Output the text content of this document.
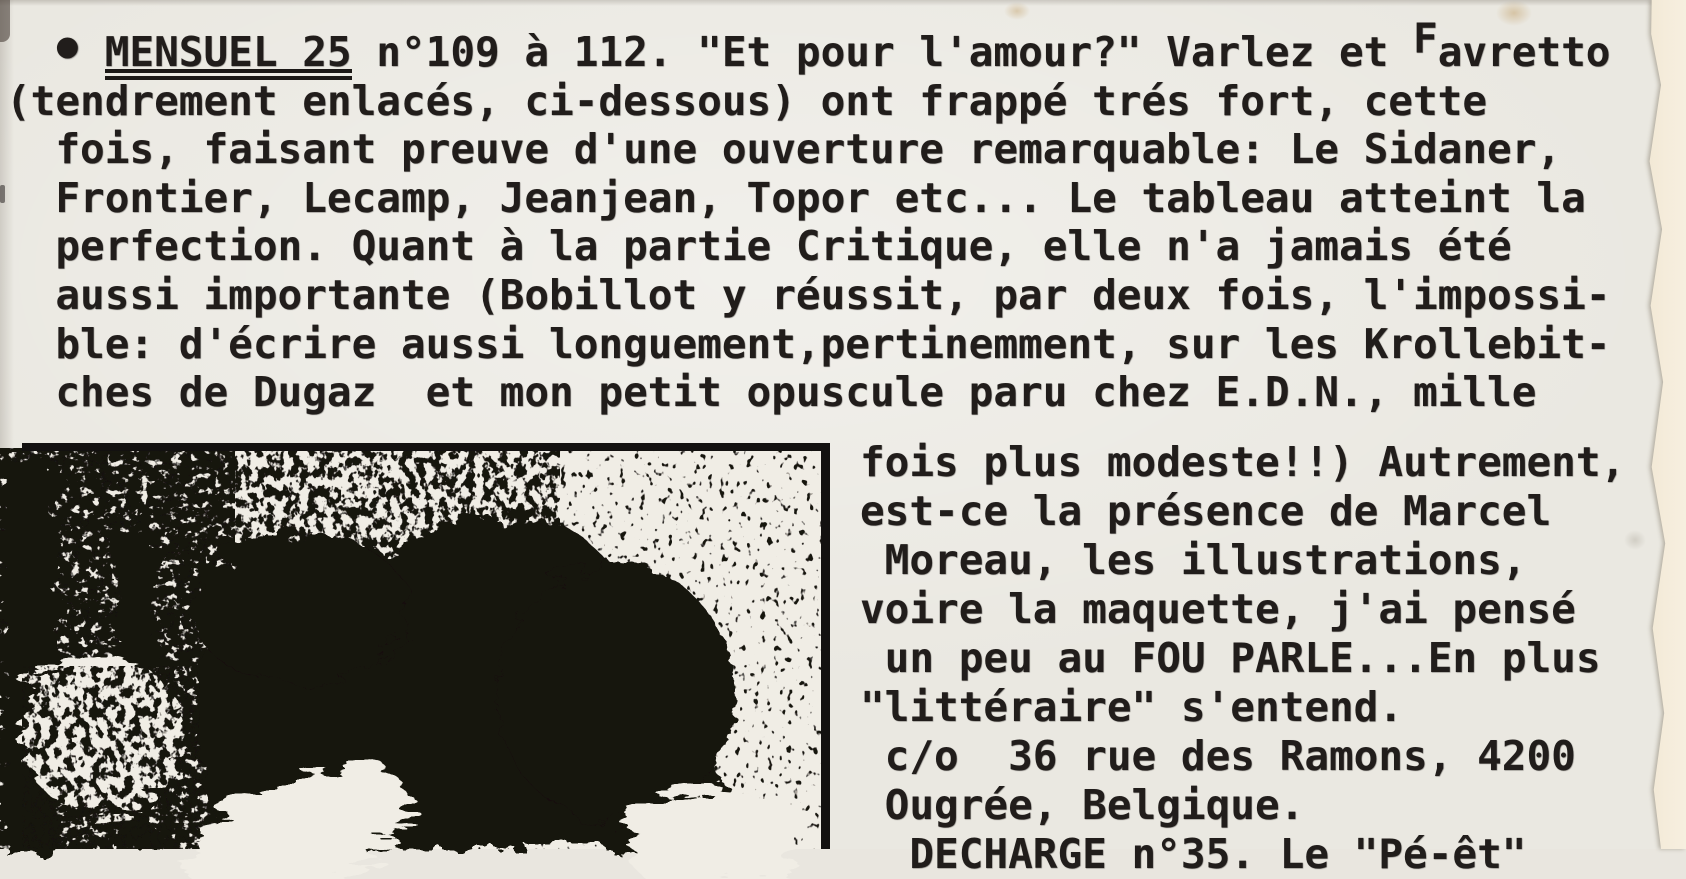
• MENSUEL 25 n°109 à 112. "Et pour l'amour?" Varlez et Favretto
(tendrement enlacés, ci-dessous) ont frappé trés fort, cette
fois, faisant preuve d'une ouverture remarquable: Le Sidaner,
Frontier, Lecamp, Jeanjean, Topor etc... Le tableau atteint la
perfection. Quant à la partie Critique, elle n'a jamais été
aussi importante (Bobillot y réussit, par deux fois, l'impossi-
ble: d'écrire aussi longuement,pertinemment, sur les Krollebit-
ches de Dugaz  et mon petit opuscule paru chez E.D.N., mille
fois plus modeste!!) Autrement,
est-ce la présence de Marcel
Moreau, les illustrations,
voire la maquette, j'ai pensé
un peu au FOU PARLE...En plus
"littéraire" s'entend.
c/o  36 rue des Ramons, 4200
Ougrée, Belgique.
DECHARGE n°35. Le "Pé-êt"
